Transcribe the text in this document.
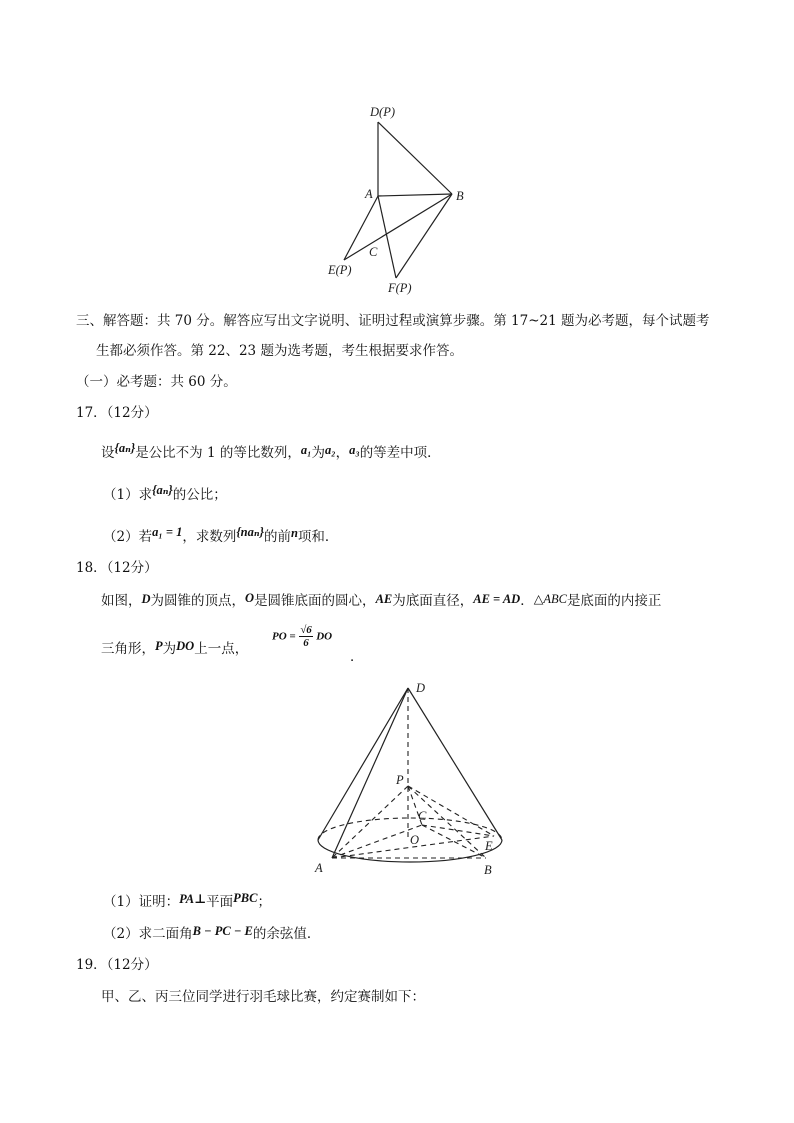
D(P)
A	B
C
E(P)
F(P)
三、解答题：共 70 分。解答应写出文字说明、证明过程或演算步骤。第 17~21 题为必考题，每个试题考
生都必须作答。第 22、23 题为选考题，考生根据要求作答。
（一）必考题：共 60 分。
17．（12分）
设{aₙ}是公比不为 1 的等比数列，a₁为a₂，a₃的等差中项．
（1）求{aₙ}的公比；
（2）若a₁ = 1，求数列{naₙ}的前n项和．
18．（12分）
如图，D为圆锥的顶点，O是圆锥底面的圆心，AE为底面直径，AE = AD．△ABC是底面的内接正
三角形，P为DO上一点，
PO = $\frac{√6}{6}$ DO
．
D
P
C
O	E
A	B
（1）证明：PA⊥平面PBC；
（2）求二面角B − PC − E的余弦值．
19．（12分）
甲、乙、丙三位同学进行羽毛球比赛，约定赛制如下：
